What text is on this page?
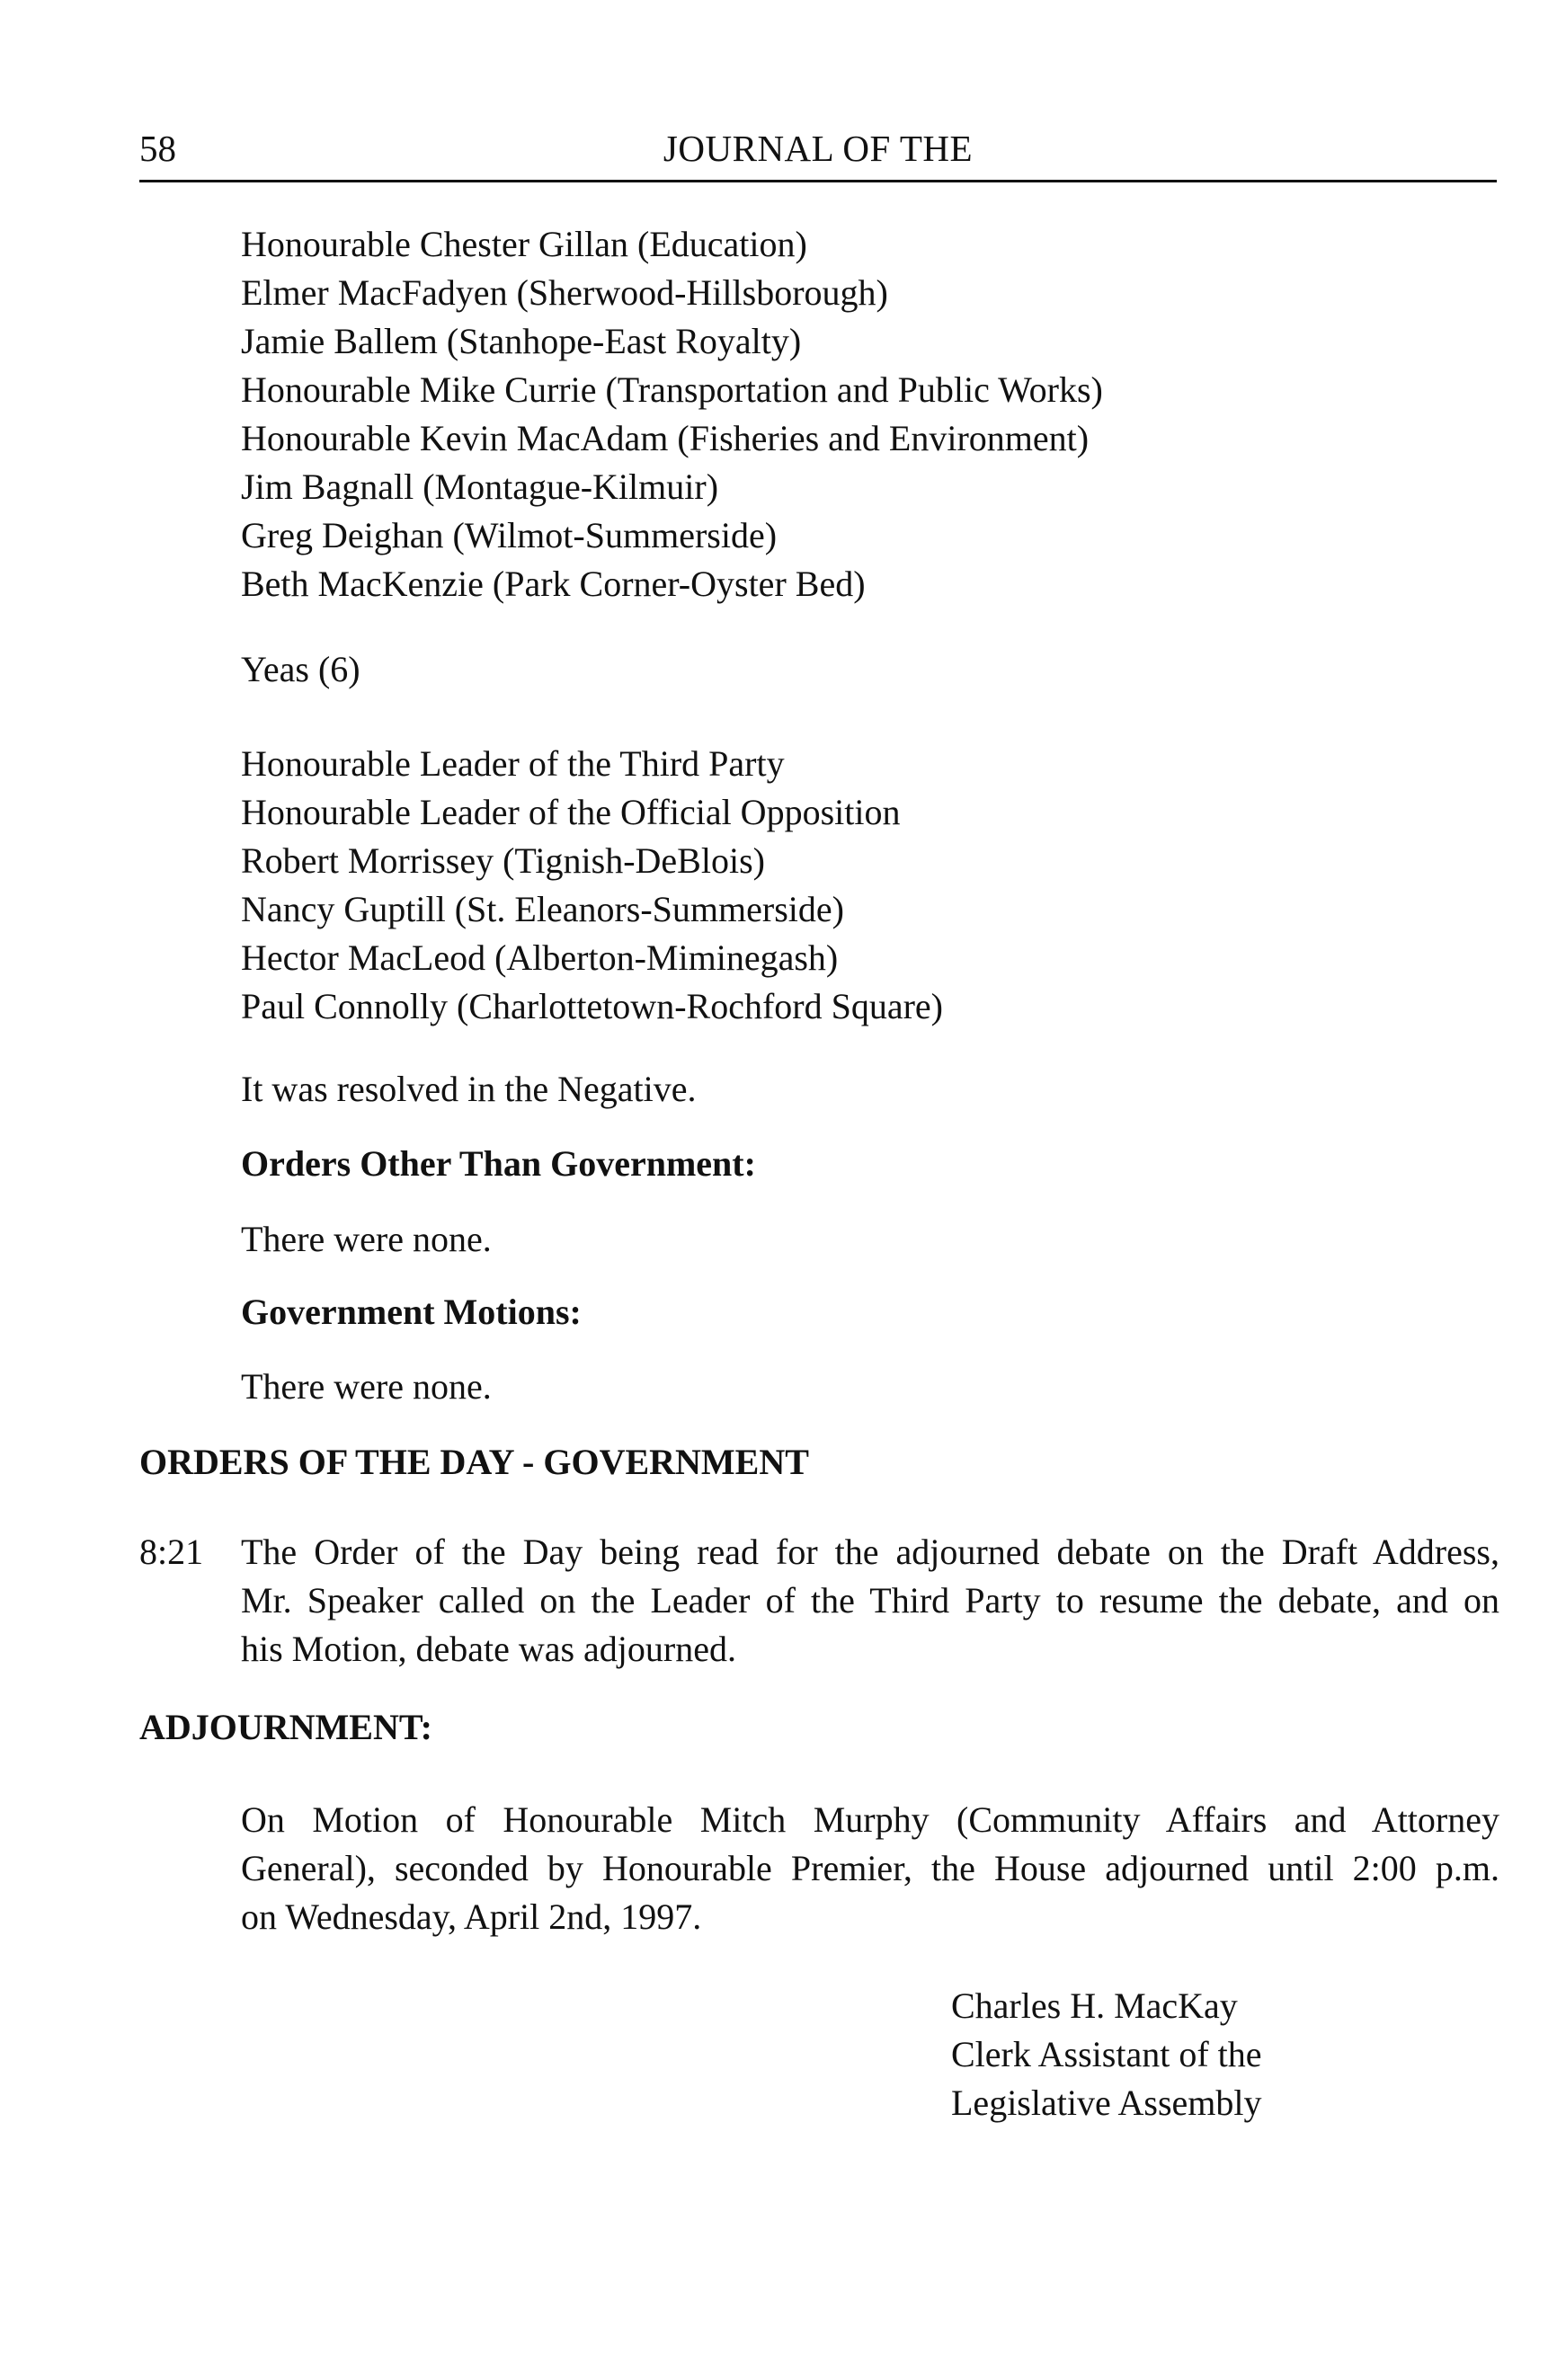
58	JOURNAL OF THE
Honourable Chester Gillan (Education)
Elmer MacFadyen (Sherwood-Hillsborough)
Jamie Ballem (Stanhope-East Royalty)
Honourable Mike Currie (Transportation and Public Works)
Honourable Kevin MacAdam (Fisheries and Environment)
Jim Bagnall (Montague-Kilmuir)
Greg Deighan (Wilmot-Summerside)
Beth MacKenzie (Park Corner-Oyster Bed)
Yeas (6)
Honourable Leader of the Third Party
Honourable Leader of the Official Opposition
Robert Morrissey (Tignish-DeBlois)
Nancy Guptill (St. Eleanors-Summerside)
Hector MacLeod (Alberton-Miminegash)
Paul Connolly (Charlottetown-Rochford Square)
It was resolved in the Negative.
Orders Other Than Government:
There were none.
Government Motions:
There were none.
ORDERS OF THE DAY - GOVERNMENT
8:21 The Order of the Day being read for the adjourned debate on the Draft Address,
Mr. Speaker called on the Leader of the Third Party to resume the debate, and on
his Motion, debate was adjourned.
ADJOURNMENT:
On Motion of Honourable Mitch Murphy (Community Affairs and Attorney
General), seconded by Honourable Premier, the House adjourned until 2:00 p.m.
on Wednesday, April 2nd, 1997.
Charles H. MacKay
Clerk Assistant of the
Legislative Assembly
